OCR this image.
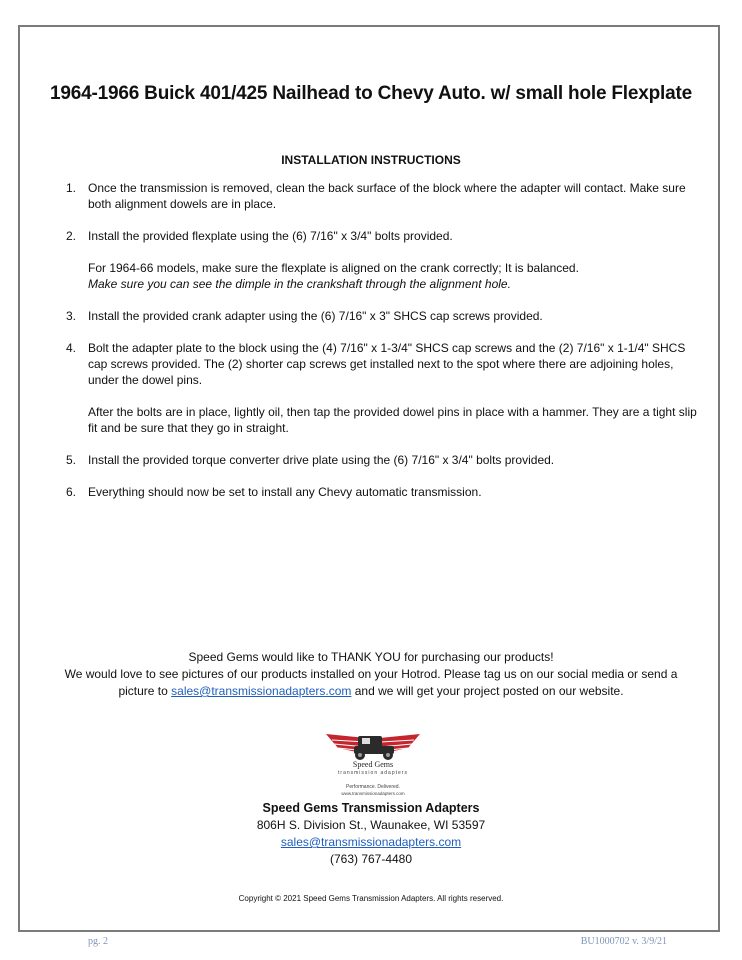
1964-1966 Buick 401/425 Nailhead to Chevy Auto. w/ small hole Flexplate
INSTALLATION INSTRUCTIONS
1. Once the transmission is removed, clean the back surface of the block where the adapter will contact. Make sure both alignment dowels are in place.
2. Install the provided flexplate using the (6) 7/16" x 3/4" bolts provided.
For 1964-66 models, make sure the flexplate is aligned on the crank correctly; It is balanced.
Make sure you can see the dimple in the crankshaft through the alignment hole.
3. Install the provided crank adapter using the (6) 7/16" x 3" SHCS cap screws provided.
4. Bolt the adapter plate to the block using the (4) 7/16" x 1-3/4" SHCS cap screws and the (2) 7/16" x 1-1/4" SHCS cap screws provided. The (2) shorter cap screws get installed next to the spot where there are adjoining holes, under the dowel pins.
After the bolts are in place, lightly oil, then tap the provided dowel pins in place with a hammer. They are a tight slip fit and be sure that they go in straight.
5. Install the provided torque converter drive plate using the (6) 7/16" x 3/4" bolts provided.
6. Everything should now be set to install any Chevy automatic transmission.
Speed Gems would like to THANK YOU for purchasing our products!
We would love to see pictures of our products installed on your Hotrod. Please tag us on our social media or send a
picture to sales@transmissionadapters.com and we will get your project posted on our website.
Speed Gems
transmission adapters
Performance. Delivered.
www.transmissionadapters.com
Speed Gems Transmission Adapters
806H S. Division St., Waunakee, WI 53597
sales@transmissionadapters.com
(763) 767-4480
Copyright © 2021 Speed Gems Transmission Adapters. All rights reserved.
pg. 2	BU1000702 v. 3/9/21
